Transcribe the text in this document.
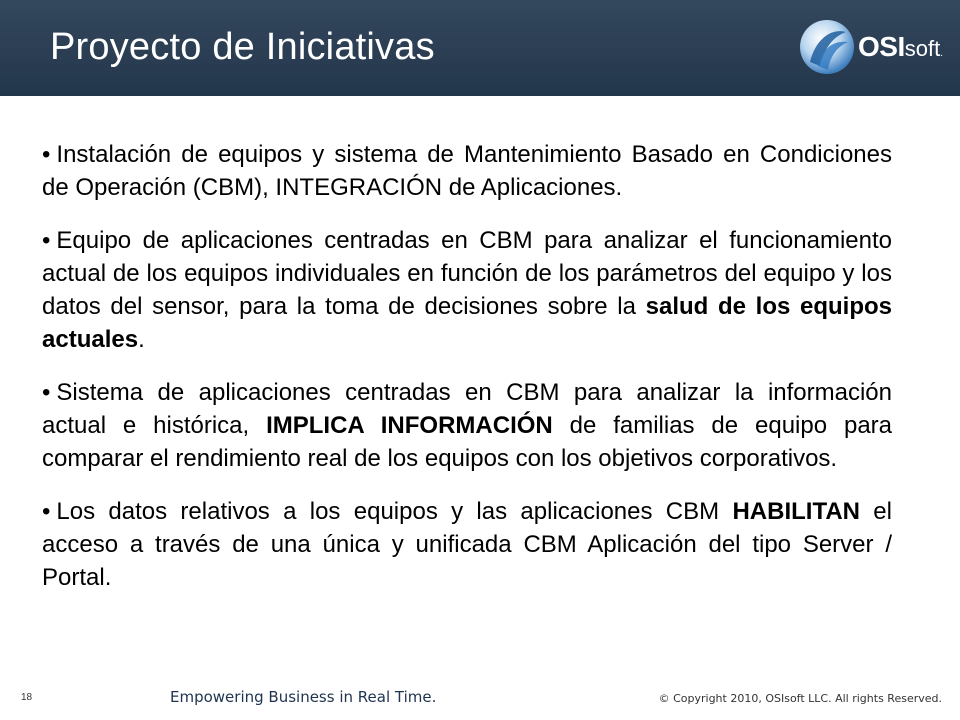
Proyecto de Iniciativas	OSIsoft.

• Instalación de equipos y sistema de Mantenimiento Basado en Condiciones de Operación (CBM), INTEGRACIÓN de Aplicaciones.

• Equipo de aplicaciones centradas en CBM para analizar el funcionamiento actual de los equipos individuales en función de los parámetros del equipo y los datos del sensor, para la toma de decisiones sobre la salud de los equipos actuales.

• Sistema de aplicaciones centradas en CBM para analizar la información actual e histórica, IMPLICA INFORMACIÓN de familias de equipo para comparar el rendimiento real de los equipos con los objetivos corporativos.

• Los datos relativos a los equipos y las aplicaciones CBM HABILITAN el acceso a través de una única y unificada CBM Aplicación del tipo Server / Portal.

18	Empowering Business in Real Time.	© Copyright 2010, OSIsoft LLC. All rights Reserved.
